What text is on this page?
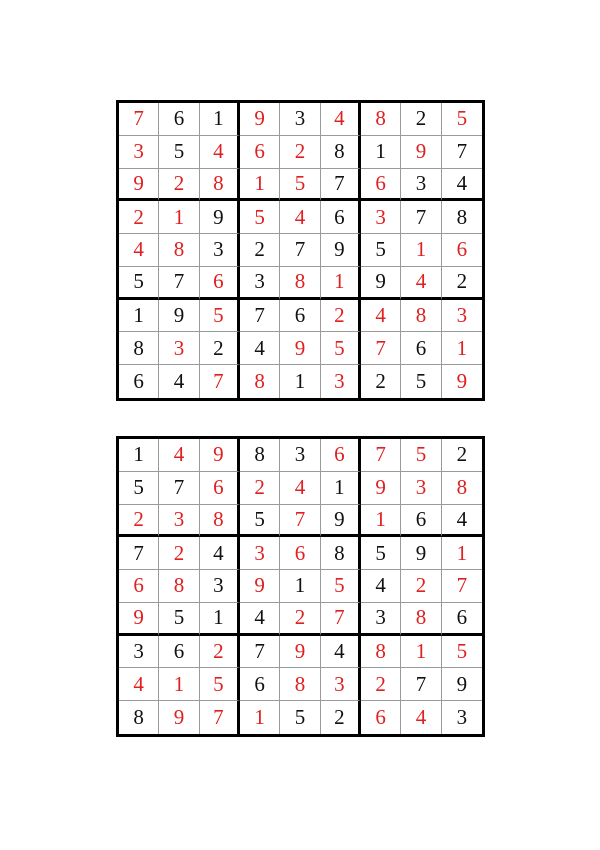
7	6	1	9	3	4	8	2	5
3	5	4	6	2	8	1	9	7
9	2	8	1	5	7	6	3	4
2	1	9	5	4	6	3	7	8
4	8	3	2	7	9	5	1	6
5	7	6	3	8	1	9	4	2
1	9	5	7	6	2	4	8	3
8	3	2	4	9	5	7	6	1
6	4	7	8	1	3	2	5	9
1	4	9	8	3	6	7	5	2
5	7	6	2	4	1	9	3	8
2	3	8	5	7	9	1	6	4
7	2	4	3	6	8	5	9	1
6	8	3	9	1	5	4	2	7
9	5	1	4	2	7	3	8	6
3	6	2	7	9	4	8	1	5
4	1	5	6	8	3	2	7	9
8	9	7	1	5	2	6	4	3
